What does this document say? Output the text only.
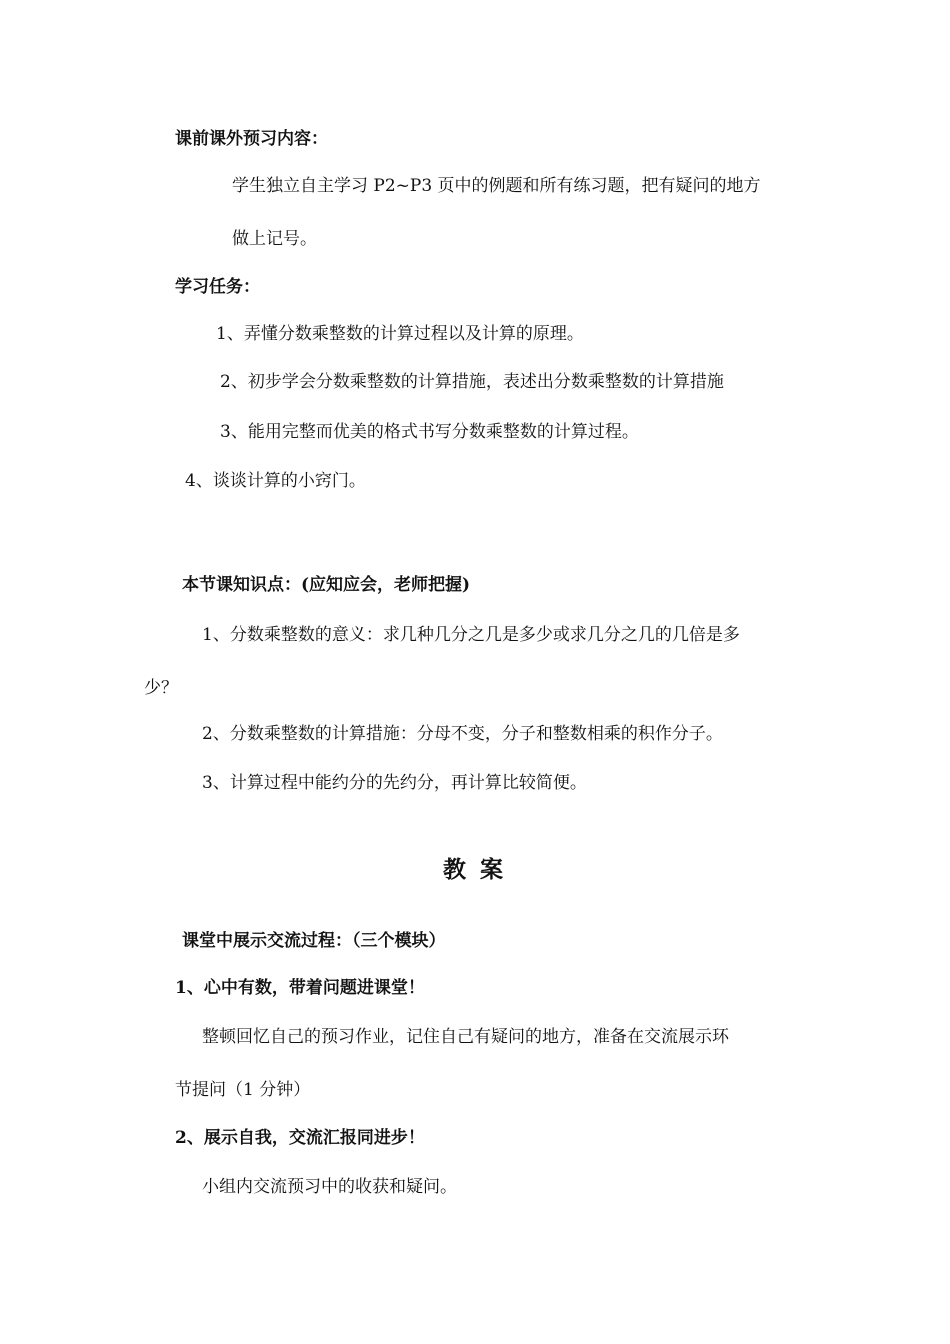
课前课外预习内容：
学生独立自主学习 P2~P3 页中的例题和所有练习题，把有疑问的地方
做上记号。
学习任务：
1、弄懂分数乘整数的计算过程以及计算的原理。
2、初步学会分数乘整数的计算措施，表述出分数乘整数的计算措施
3、能用完整而优美的格式书写分数乘整数的计算过程。
4、谈谈计算的小窍门。
本节课知识点：(应知应会，老师把握)
1、分数乘整数的意义：求几种几分之几是多少或求几分之几的几倍是多
少？
2、分数乘整数的计算措施：分母不变，分子和整数相乘的积作分子。
3、计算过程中能约分的先约分，再计算比较简便。
教案
课堂中展示交流过程：（三个模块）
1、心中有数，带着问题进课堂！
整顿回忆自己的预习作业，记住自己有疑问的地方，准备在交流展示环
节提问（1 分钟）
2、展示自我，交流汇报同进步！
小组内交流预习中的收获和疑问。
